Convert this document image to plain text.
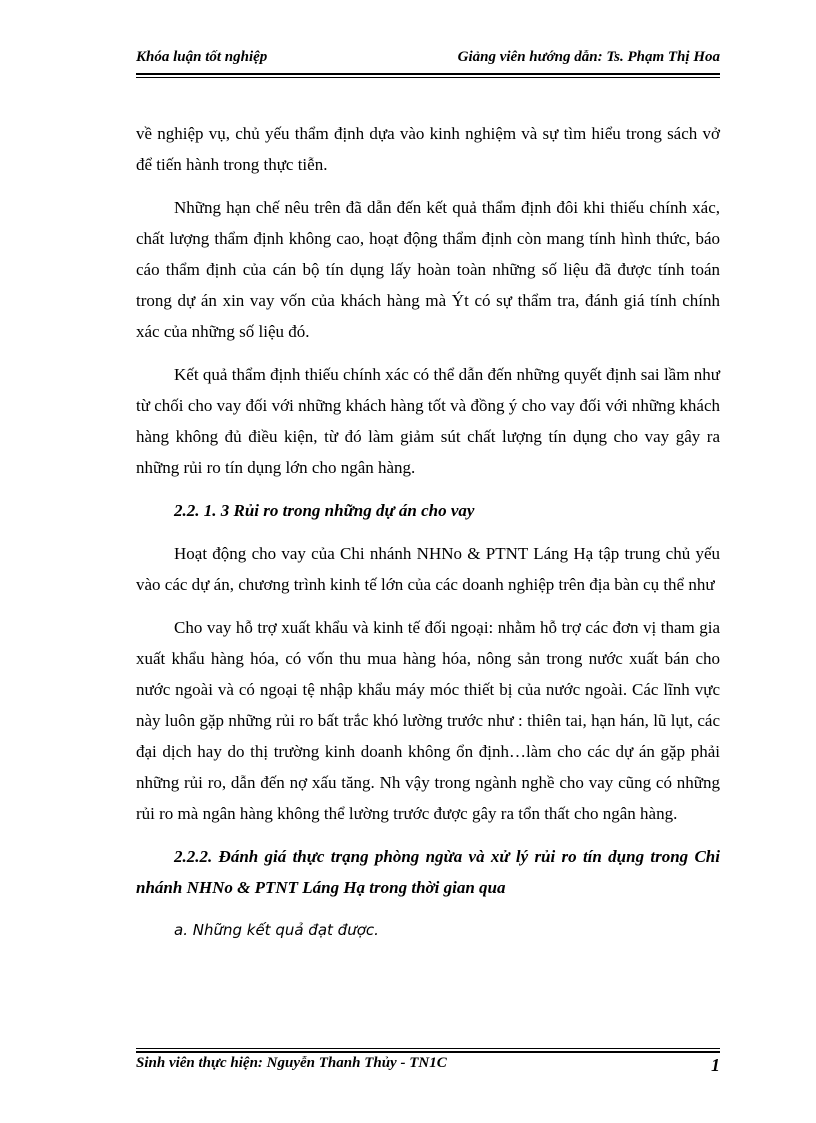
Khóa luận tốt nghiệp	Giảng viên hướng dẫn: Ts. Phạm Thị Hoa

về nghiệp vụ, chủ yếu thẩm định dựa vào kinh nghiệm và sự tìm hiểu trong sách vở để tiến hành trong thực tiễn.

Những hạn chế nêu trên đã dẫn đến kết quả thẩm định đôi khi thiếu chính xác, chất lượng thẩm định không cao, hoạt động thẩm định còn mang tính hình thức, báo cáo thẩm định của cán bộ tín dụng lấy hoàn toàn những số liệu đã được tính toán trong dự án xin vay vốn của khách hàng mà Ýt có sự thẩm tra, đánh giá tính chính xác của những số liệu đó.

Kết quả thẩm định thiếu chính xác có thể dẫn đến những quyết định sai lầm như từ chối cho vay đối với những khách hàng tốt và đồng ý cho vay đối với những khách hàng không đủ điều kiện, từ đó làm giảm sút chất lượng tín dụng cho vay gây ra những rủi ro tín dụng lớn cho ngân hàng.

2.2. 1. 3 Rủi ro trong những dự án cho vay

Hoạt động cho vay của Chi nhánh NHNo & PTNT Láng Hạ tập trung chủ yếu vào các dự án, chương trình kinh tế lớn của các doanh nghiệp trên địa bàn cụ thể như

Cho vay hỗ trợ xuất khẩu và kinh tế đối ngoại: nhằm hỗ trợ các đơn vị tham gia xuất khẩu hàng hóa, có vốn thu mua hàng hóa, nông sản trong nước xuất bán cho nước ngoài và có ngoại tệ nhập khẩu máy móc thiết bị của nước ngoài. Các lĩnh vực này luôn gặp những rủi ro bất trắc khó lường trước như : thiên tai, hạn hán, lũ lụt, các đại dịch hay do thị trường kinh doanh không ổn định…làm cho các dự án gặp phải những rủi ro, dẫn đến nợ xấu tăng. Nh vậy trong ngành nghề cho vay cũng có những rủi ro mà ngân hàng không thể lường trước được gây ra tổn thất cho ngân hàng.

2.2.2. Đánh giá thực trạng phòng ngừa và xử lý rủi ro tín dụng trong Chi nhánh NHNo & PTNT Láng Hạ trong thời gian qua

a. Những kết quả đạt được.

Sinh viên thực hiện: Nguyễn Thanh Thủy - TN1C	1
